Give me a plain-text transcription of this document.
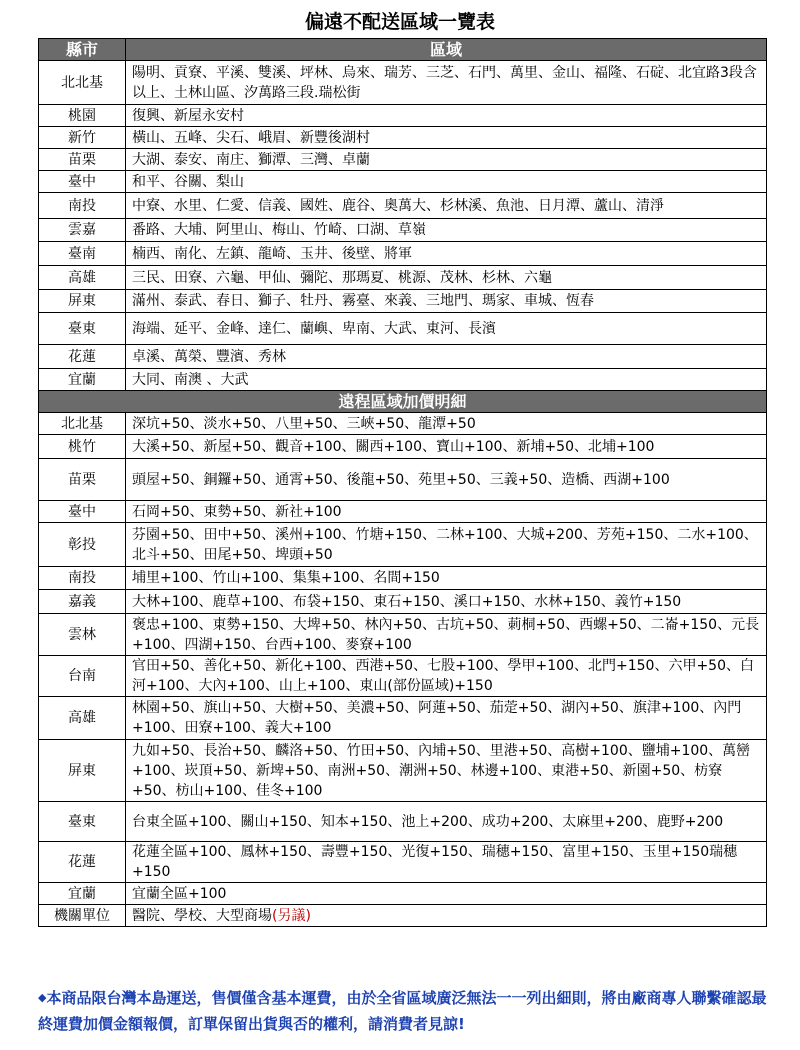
偏遠不配送區域一覽表
縣市	區域
北北基	陽明、貢寮、平溪、雙溪、坪林、烏來、瑞芳、三芝、石門、萬里、金山、福隆、石碇、北宜路3段含以上、土林山區、汐萬路三段.瑞松街
桃園	復興、新屋永安村
新竹	橫山、五峰、尖石、峨眉、新豐後湖村
苗栗	大湖、泰安、南庄、獅潭、三灣、卓蘭
臺中	和平、谷關、梨山
南投	中寮、水里、仁愛、信義、國姓、鹿谷、奧萬大、杉林溪、魚池、日月潭、蘆山、清淨
雲嘉	番路、大埔、阿里山、梅山、竹崎、口湖、草嶺
臺南	楠西、南化、左鎮、龍崎、玉井、後壁、將軍
高雄	三民、田寮、六龜、甲仙、彌陀、那瑪夏、桃源、茂林、杉林、六龜
屏東	滿州、泰武、春日、獅子、牡丹、霧臺、來義、三地門、瑪家、車城、恆春
臺東	海端、延平、金峰、達仁、蘭嶼、卑南、大武、東河、長濱
花蓮	卓溪、萬榮、豐濱、秀林
宜蘭	大同、南澳 、大武
遠程區域加價明細	
北北基	深坑+50、淡水+50、八里+50、三峽+50、龍潭+50
桃竹	大溪+50、新屋+50、觀音+100、關西+100、寶山+100、新埔+50、北埔+100
苗栗	頭屋+50、銅鑼+50、通霄+50、後龍+50、苑里+50、三義+50、造橋、西湖+100
臺中	石岡+50、東勢+50、新社+100
彰投	芬園+50、田中+50、溪州+100、竹塘+150、二林+100、大城+200、芳苑+150、二水+100、北斗+50、田尾+50、埤頭+50
南投	埔里+100、竹山+100、集集+100、名間+150
嘉義	大林+100、鹿草+100、布袋+150、東石+150、溪口+150、水林+150、義竹+150
雲林	褒忠+100、東勢+150、大埤+50、林內+50、古坑+50、莿桐+50、西螺+50、二崙+150、元長+100、四湖+150、台西+100、麥寮+100
台南	官田+50、善化+50、新化+100、西港+50、七股+100、學甲+100、北門+150、六甲+50、白河+100、大內+100、山上+100、東山(部份區域)+150
高雄	林園+50、旗山+50、大樹+50、美濃+50、阿蓮+50、茄萣+50、湖內+50、旗津+100、內門+100、田寮+100、義大+100
屏東	九如+50、長治+50、麟洛+50、竹田+50、內埔+50、里港+50、高樹+100、鹽埔+100、萬巒+100、崁頂+50、新埤+50、南洲+50、潮洲+50、林邊+100、東港+50、新園+50、枋寮+50、枋山+100、佳冬+100
臺東	台東全區+100、關山+150、知本+150、池上+200、成功+200、太麻里+200、鹿野+200
花蓮	花蓮全區+100、鳳林+150、壽豐+150、光復+150、瑞穗+150、富里+150、玉里+150瑞穗+150
宜蘭	宜蘭全區+100
機關單位	醫院、學校、大型商場(另議)
◆本商品限台灣本島運送，售價僅含基本運費，由於全省區域廣泛無法一一列出細則，將由廠商專人聯繫確認最終運費加價金額報價，訂單保留出貨與否的權利，請消費者見諒!
